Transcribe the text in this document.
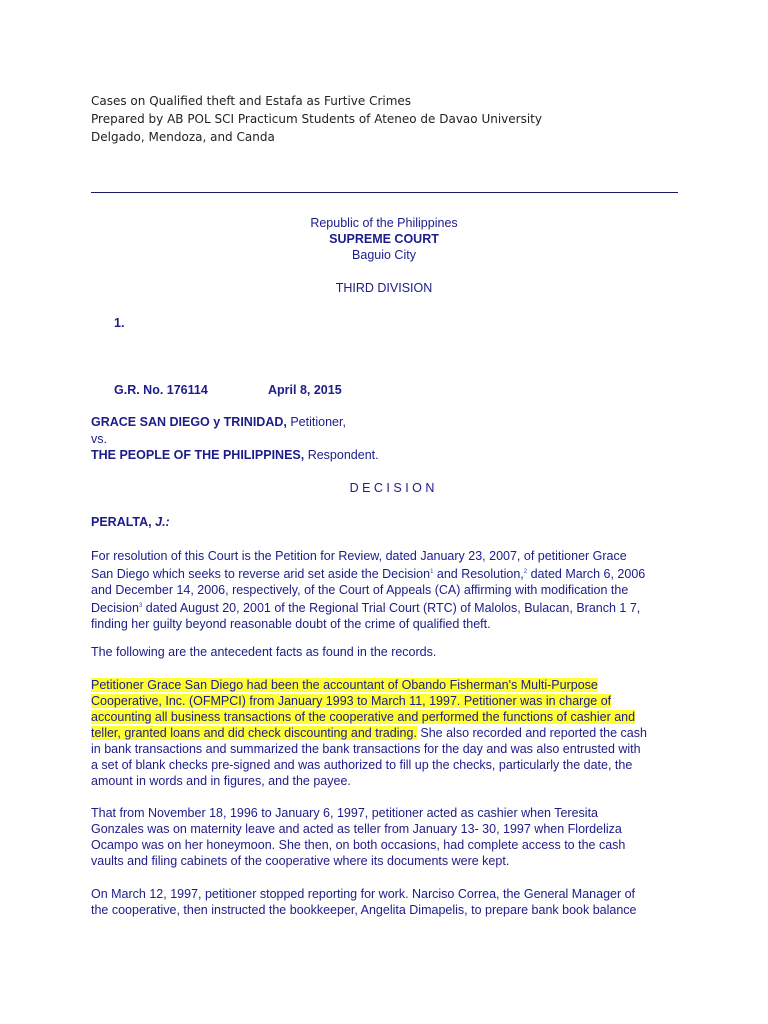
Cases on Qualified theft and Estafa as Furtive Crimes
Prepared by AB POL SCI Practicum Students of Ateneo de Davao University
Delgado, Mendoza, and Canda
Republic of the Philippines
SUPREME COURT
Baguio City
THIRD DIVISION
1.
G.R. No. 176114	April 8, 2015
GRACE SAN DIEGO y TRINIDAD, Petitioner,
vs.
THE PEOPLE OF THE PHILIPPINES, Respondent.
D E C I S I O N
PERALTA, J.:
For resolution of this Court is the Petition for Review, dated January 23, 2007, of petitioner Grace
San Diego which seeks to reverse arid set aside the Decision$^1$ and Resolution,$^2$ dated March 6, 2006
and December 14, 2006, respectively, of the Court of Appeals (CA) affirming with modification the
Decision$^3$ dated August 20, 2001 of the Regional Trial Court (RTC) of Malolos, Bulacan, Branch 1 7,
finding her guilty beyond reasonable doubt of the crime of qualified theft.
The following are the antecedent facts as found in the records.
Petitioner Grace San Diego had been the accountant of Obando Fisherman's Multi-Purpose
Cooperative, Inc. (OFMPCI) from January 1993 to March 11, 1997. Petitioner was in charge of
accounting all business transactions of the cooperative and performed the functions of cashier and
teller, granted loans and did check discounting and trading. She also recorded and reported the cash
in bank transactions and summarized the bank transactions for the day and was also entrusted with
a set of blank checks pre-signed and was authorized to fill up the checks, particularly the date, the
amount in words and in figures, and the payee.
That from November 18, 1996 to January 6, 1997, petitioner acted as cashier when Teresita
Gonzales was on maternity leave and acted as teller from January 13- 30, 1997 when Flordeliza
Ocampo was on her honeymoon. She then, on both occasions, had complete access to the cash
vaults and filing cabinets of the cooperative where its documents were kept.
On March 12, 1997, petitioner stopped reporting for work. Narciso Correa, the General Manager of
the cooperative, then instructed the bookkeeper, Angelita Dimapelis, to prepare bank book balance
